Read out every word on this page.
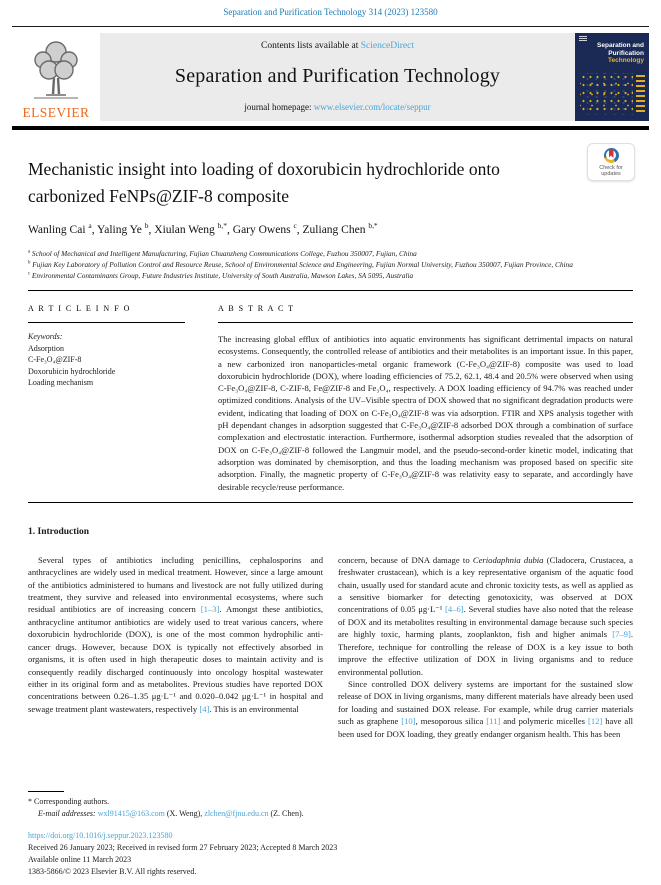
Separation and Purification Technology 314 (2023) 123580
ELSEVIER
Contents lists available at ScienceDirect
Separation and Purification Technology
journal homepage: www.elsevier.com/locate/seppur
Separation and
Purification
Technology
Check for
updates
Mechanistic insight into loading of doxorubicin hydrochloride onto carbonized FeNPs@ZIF-8 composite
Wanling Cai $^a$, Yaling Ye $^b$, Xiulan Weng $^{b,*}$, Gary Owens $^c$, Zuliang Chen $^{b,*}$
$^a$ School of Mechanical and Intelligent Manufacturing, Fujian Chuanzheng Communications College, Fuzhou 350007, Fujian, China
$^b$ Fujian Key Laboratory of Pollution Control and Resource Reuse, School of Environmental Science and Engineering, Fujian Normal University, Fuzhou 350007, Fujian Province, China
$^c$ Environmental Contaminants Group, Future Industries Institute, University of South Australia, Mawson Lakes, SA 5095, Australia
A R T I C L E I N F O
Keywords:
Adsorption
C-Fe₃O₄@ZIF-8
Doxorubicin hydrochloride
Loading mechanism
A B S T R A C T
The increasing global efflux of antibiotics into aquatic environments has significant detrimental impacts on natural ecosystems. Consequently, the controlled release of antibiotics and their metabolites is an important issue. In this paper, a new carbonized iron nanoparticles-metal organic framework (C-Fe₃O₄@ZIF-8) composite was used to load doxorubicin hydrochloride (DOX), where loading efficiencies of 75.2, 62.1, 48.4 and 20.5% were observed when using C-Fe₃O₄@ZIF-8, C-ZIF-8, Fe@ZIF-8 and Fe₃O₄, respectively. A DOX loading efficiency of 94.7% was reached under optimized conditions. Analysis of the UV–Visible spectra of DOX showed that no significant degradation products were evident, indicating that loading of DOX on C-Fe₃O₄@ZIF-8 was via adsorption. FTIR and XPS analysis together with pH dependant changes in adsorption suggested that C-Fe₃O₄@ZIF-8 adsorbed DOX through a combination of surface complexation and electrostatic interaction. Furthermore, isothermal adsorption studies revealed that the adsorption of DOX on C-Fe₃O₄@ZIF-8 followed the Langmuir model, and the pseudo-second-order kinetic model, indicating that adsorption was dominated by chemisorption, and thus the loading mechanism was proposed based on specific site adsorption. Finally, the magnetic property of C-Fe₃O₄@ZIF-8 was relativity easy to separate, and accordingly have desirable recycle/reuse performance.
1. Introduction

Several types of antibiotics including penicillins, cephalosporins and anthracyclines are widely used in medical treatment. However, since a large amount of the antibiotics administered to humans and livestock are not fully utilized during treatment, they survive and released into environmental ecosystems, where such residual antibiotics are of increasing concern [1–3]. Amongst these antibiotics, anthracycline antitumor antibiotics are widely used to treat various cancers, where doxorubicin hydrochloride (DOX), is one of the most common hydrophilic anti-cancer drugs. However, because DOX is typically not effectively absorbed in organisms, it is often used in high therapeutic doses to maintain activity and is consequently readily discharged continuously into oncology hospital wastewater either in its original form and as metabolites. Previous studies have reported DOX concentrations between 0.26–1.35 μg·L⁻¹ and 0.020–0.042 μg·L⁻¹ in hospital and sewage treatment plant wastewaters, respectively [4]. This is an environmental

concern, because of DNA damage to Ceriodaphnia dubia (Cladocera, Crustacea, a freshwater crustacean), which is a key representative organism of the aquatic food chain, usually used for standard acute and chronic toxicity tests, as well as applied as a sensitive biomarker for detecting genotoxicity, was observed at DOX concentrations of 0.05 μg·L⁻¹ [4–6]. Several studies have also noted that the release of DOX and its metabolites resulting in environmental damage because such species are highly toxic, harming plants, zooplankton, fish and higher animals [7–9]. Therefore, technique for controlling the release of DOX is a key issue to both improve the effective utilization of DOX in living organisms and to reduce environmental pollution.

Since controlled DOX delivery systems are important for the sustained slow release of DOX in living organisms, many different materials have already been used for loading and sustained DOX release. For example, while drug carrier materials such as graphene [10], mesoporous silica [11] and polymeric micelles [12] have all been used for DOX loading, they greatly endanger organism health. This has been

* Corresponding authors.
E-mail addresses: wxl91415@163.com (X. Weng), zlchen@fjnu.edu.cn (Z. Chen).
https://doi.org/10.1016/j.seppur.2023.123580
Received 26 January 2023; Received in revised form 27 February 2023; Accepted 8 March 2023
Available online 11 March 2023
1383-5866/© 2023 Elsevier B.V. All rights reserved.
